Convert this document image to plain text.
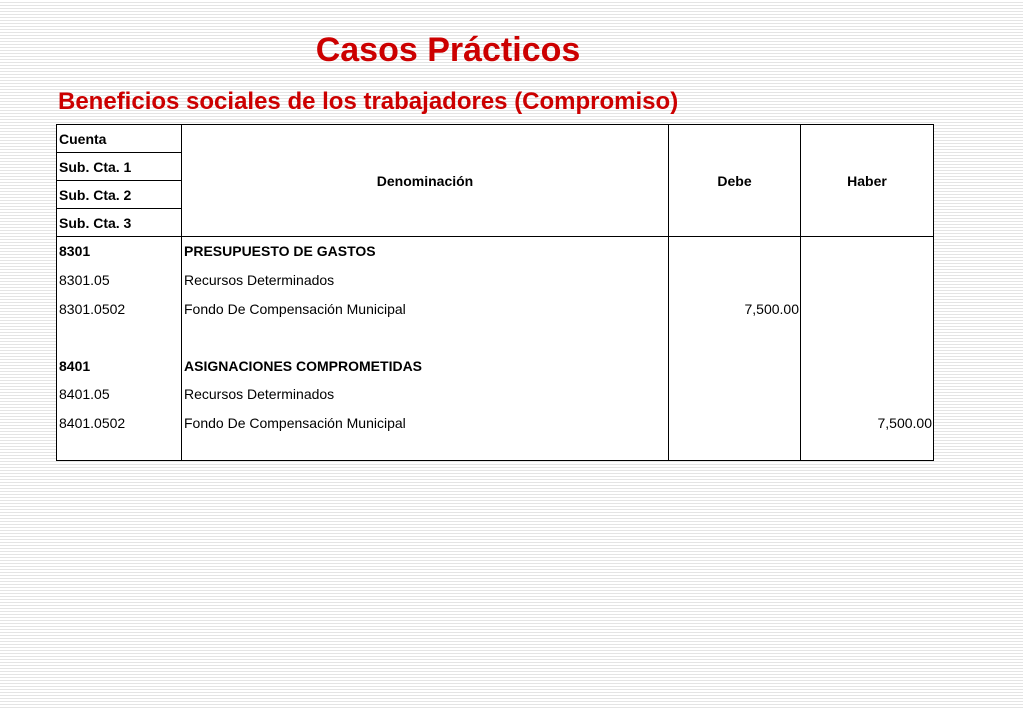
Casos Prácticos
Beneficios sociales de los trabajadores (Compromiso)
Cuenta	Denominación	Debe	Haber
Sub. Cta. 1			
Sub. Cta. 2			
Sub. Cta. 3			
8301	PRESUPUESTO DE GASTOS		
8301.05	Recursos Determinados		
8301.0502	Fondo De Compensación Municipal	7,500.00	

8401	ASIGNACIONES COMPROMETIDAS		
8401.05	Recursos Determinados		
8401.0502	Fondo De Compensación Municipal		7,500.00
